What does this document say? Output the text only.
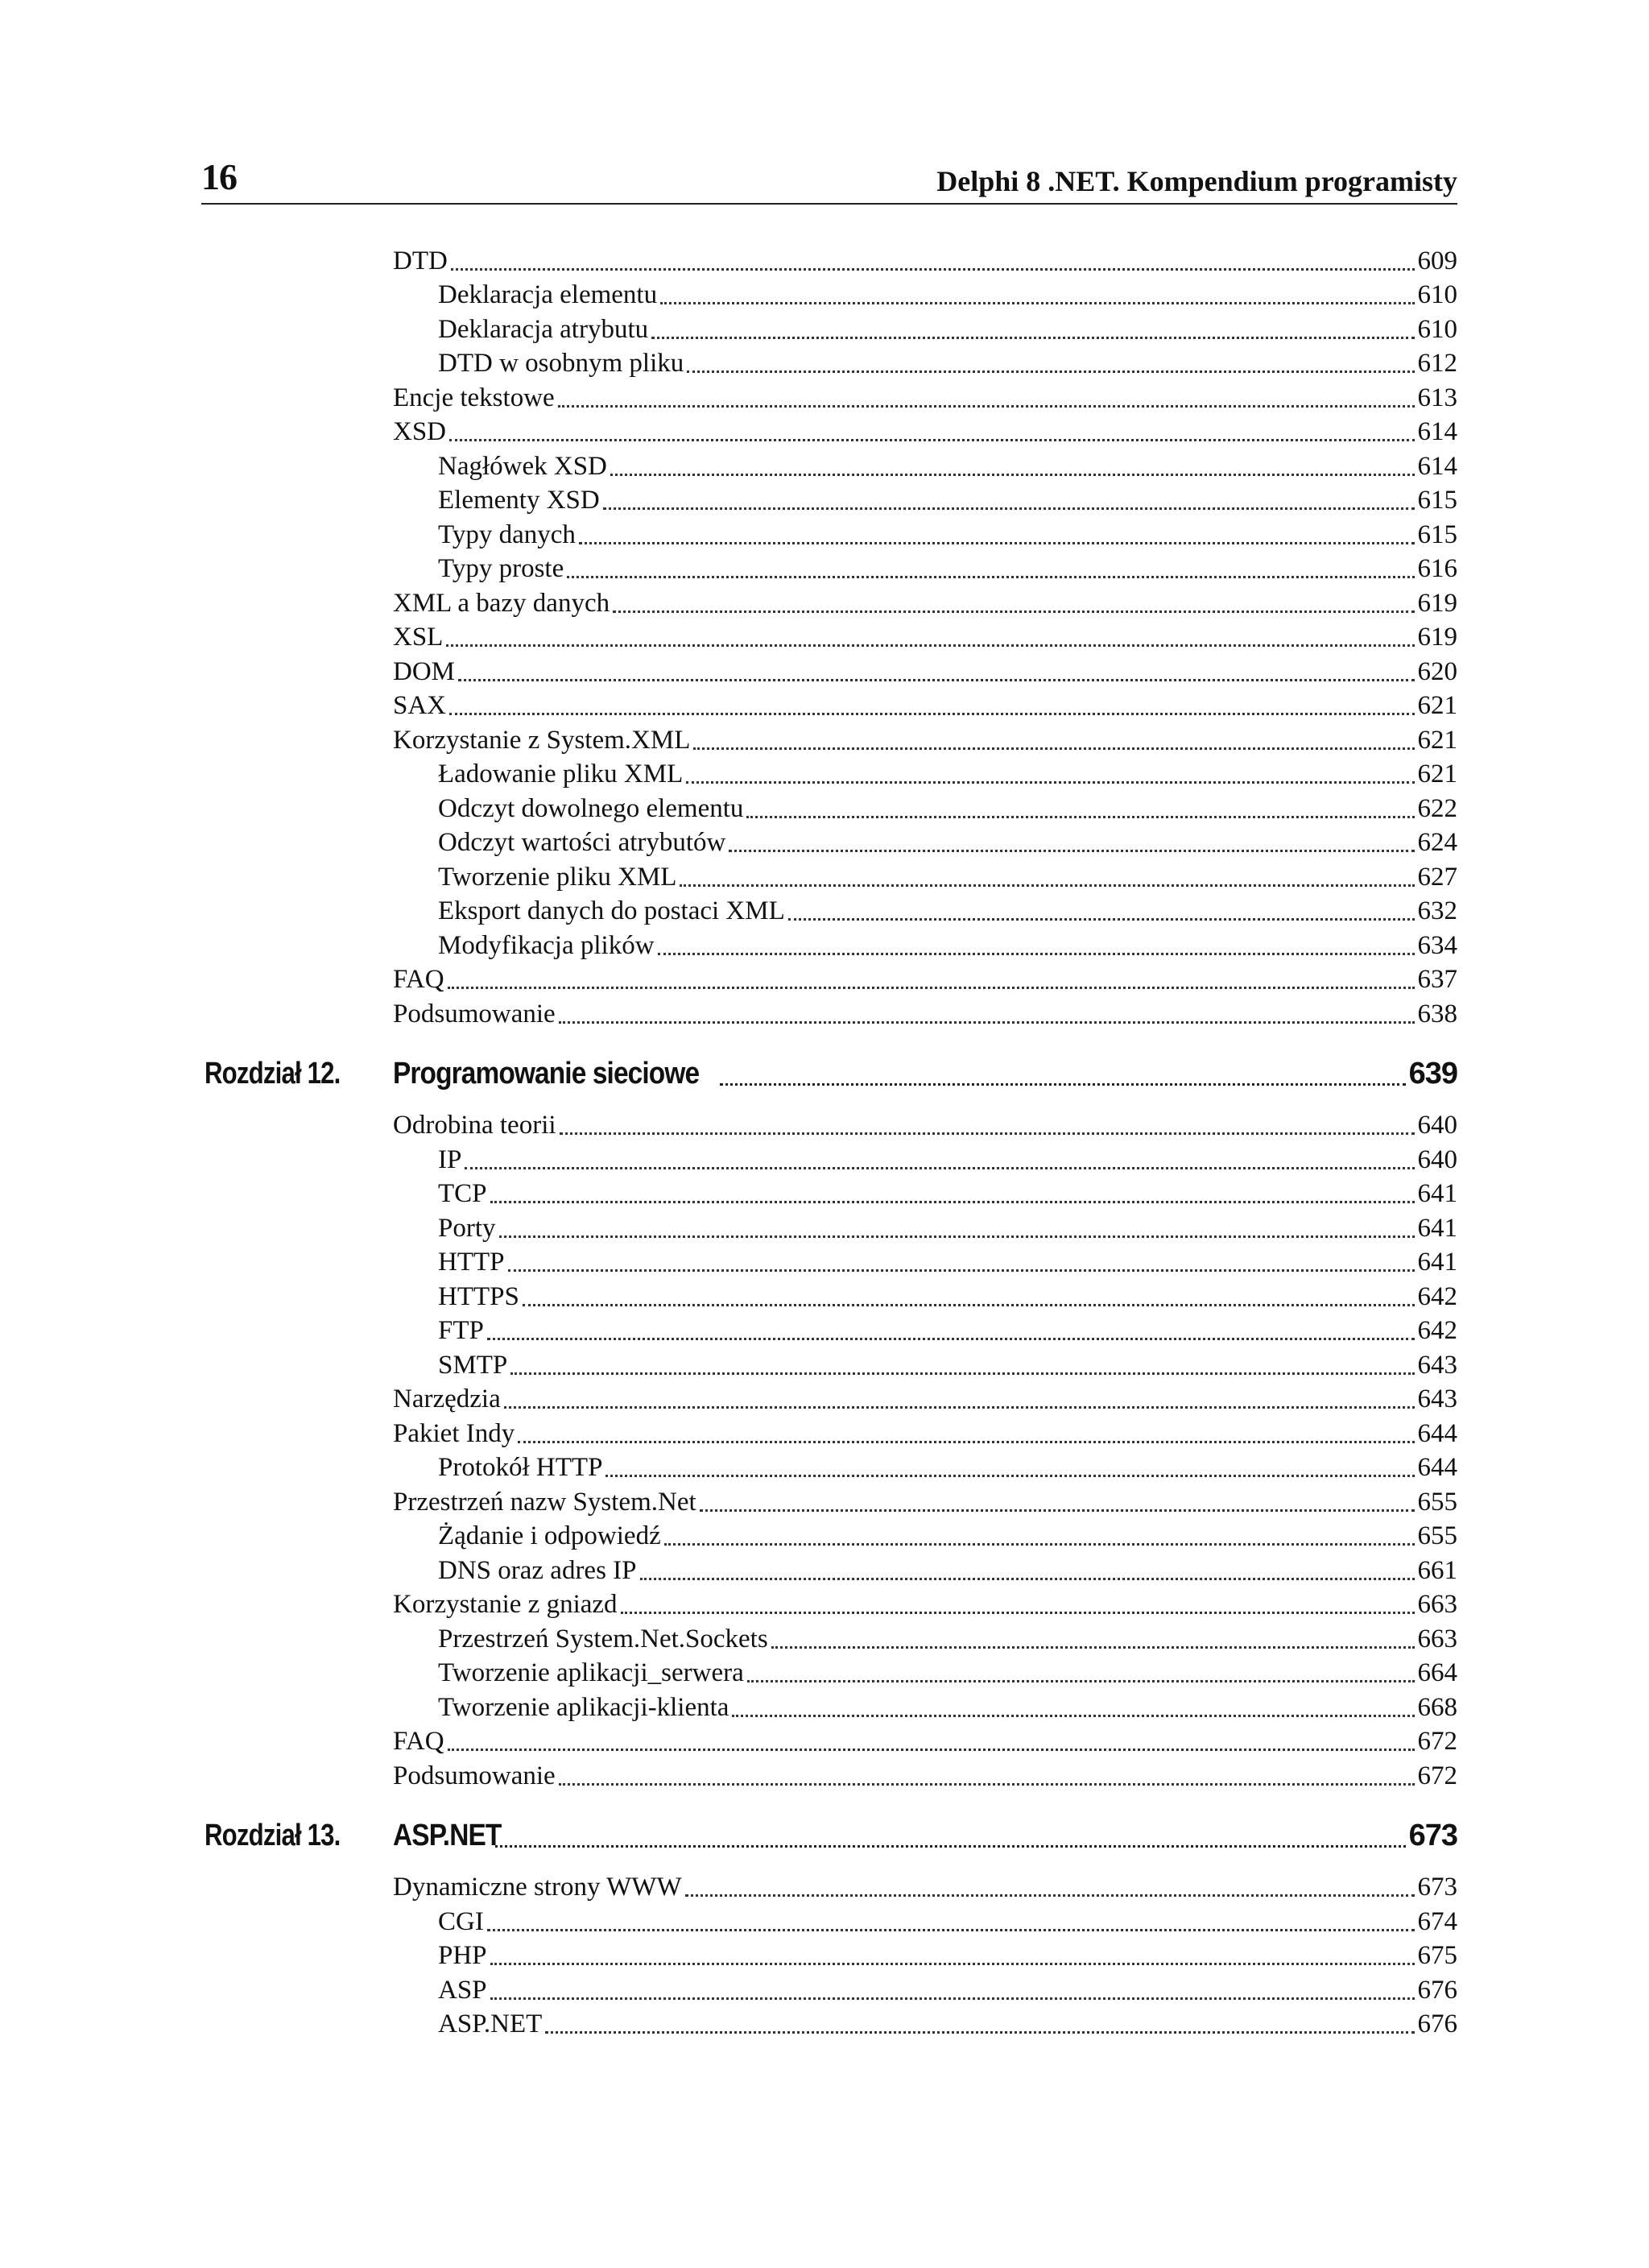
16	Delphi 8 .NET. Kompendium programisty
DTD	609
Deklaracja elementu	610
Deklaracja atrybutu	610
DTD w osobnym pliku	612
Encje tekstowe	613
XSD	614
Nagłówek XSD	614
Elementy XSD	615
Typy danych	615
Typy proste	616
XML a bazy danych	619
XSL	619
DOM	620
SAX	621
Korzystanie z System.XML	621
Ładowanie pliku XML	621
Odczyt dowolnego elementu	622
Odczyt wartości atrybutów	624
Tworzenie pliku XML	627
Eksport danych do postaci XML	632
Modyfikacja plików	634
FAQ	637
Podsumowanie	638
Rozdział 12. Programowanie sieciowe	639
Odrobina teorii	640
IP	640
TCP	641
Porty	641
HTTP	641
HTTPS	642
FTP	642
SMTP	643
Narzędzia	643
Pakiet Indy	644
Protokół HTTP	644
Przestrzeń nazw System.Net	655
Żądanie i odpowiedź	655
DNS oraz adres IP	661
Korzystanie z gniazd	663
Przestrzeń System.Net.Sockets	663
Tworzenie aplikacji_serwera	664
Tworzenie aplikacji-klienta	668
FAQ	672
Podsumowanie	672
Rozdział 13. ASP.NET	673
Dynamiczne strony WWW	673
CGI	674
PHP	675
ASP	676
ASP.NET	676
